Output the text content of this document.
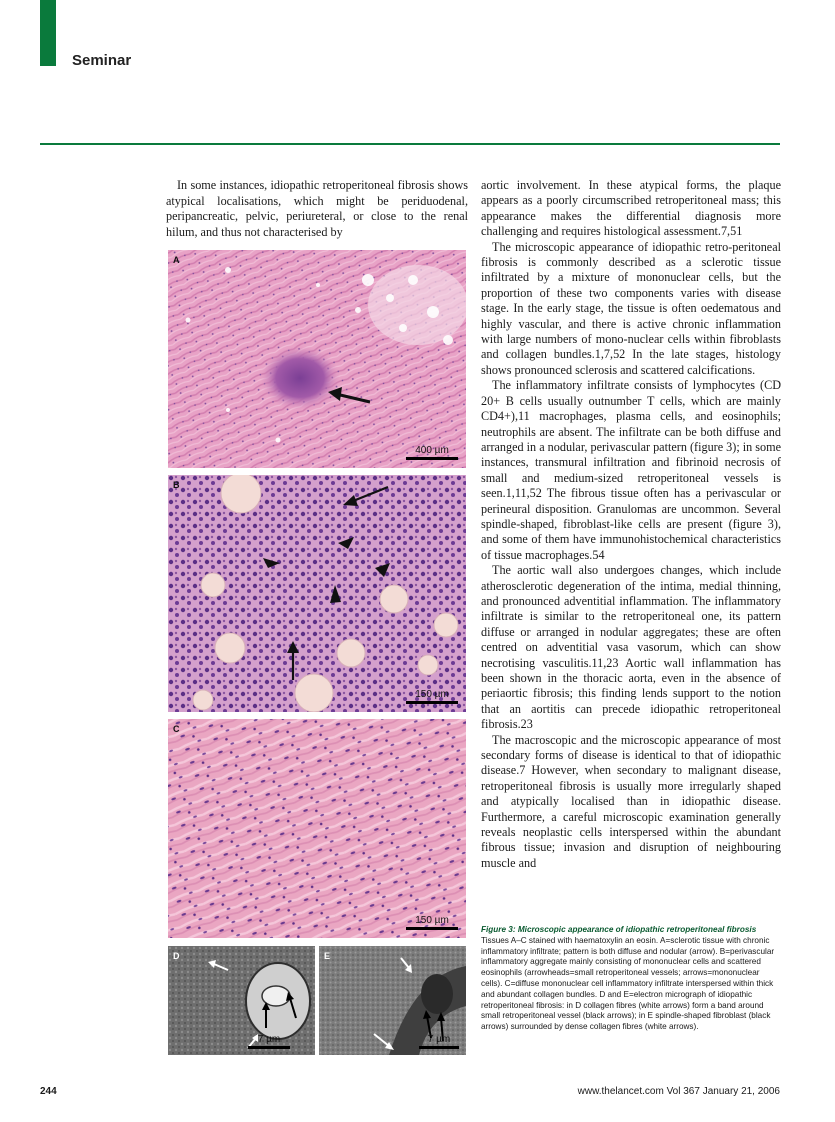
Seminar

In some instances, idiopathic retroperitoneal fibrosis shows atypical localisations, which might be periduodenal, peripancreatic, pelvic, periureteral, or close to the renal hilum, and thus not characterised by

A
400 µm
B
150 µm
C
150 µm
D
7 µm
E
7 µm

aortic involvement. In these atypical forms, the plaque appears as a poorly circumscribed retroperitoneal mass; this appearance makes the differential diagnosis more challenging and requires histological assessment.7,51

The microscopic appearance of idiopathic retro-peritoneal fibrosis is commonly described as a sclerotic tissue infiltrated by a mixture of mononuclear cells, but the proportion of these two components varies with disease stage. In the early stage, the tissue is often oedematous and highly vascular, and there is active chronic inflammation with large numbers of mono-nuclear cells within fibroblasts and collagen bundles.1,7,52 In the late stages, histology shows pronounced sclerosis and scattered calcifications.

The inflammatory infiltrate consists of lymphocytes (CD 20+ B cells usually outnumber T cells, which are mainly CD4+),11 macrophages, plasma cells, and eosinophils; neutrophils are absent. The infiltrate can be both diffuse and arranged in a nodular, perivascular pattern (figure 3); in some instances, transmural infiltration and fibrinoid necrosis of small and medium-sized retroperitoneal vessels is seen.1,11,52 The fibrous tissue often has a perivascular or perineural disposition. Granulomas are uncommon. Several spindle-shaped, fibroblast-like cells are present (figure 3), and some of them have immunohistochemical characteristics of tissue macrophages.54

The aortic wall also undergoes changes, which include atherosclerotic degeneration of the intima, medial thinning, and pronounced adventitial inflammation. The inflammatory infiltrate is similar to the retroperitoneal one, its pattern diffuse or arranged in nodular aggregates; these are often centred on adventitial vasa vasorum, which can show necrotising vasculitis.11,23 Aortic wall inflammation has been shown in the thoracic aorta, even in the absence of periaortic fibrosis; this finding lends support to the notion that an aortitis can precede idiopathic retroperitoneal fibrosis.23

The macroscopic and the microscopic appearance of most secondary forms of disease is identical to that of idiopathic disease.7 However, when secondary to malignant disease, retroperitoneal fibrosis is usually more irregularly shaped and atypically localised than in idiopathic disease. Furthermore, a careful microscopic examination generally reveals neoplastic cells interspersed within the abundant fibrous tissue; invasion and disruption of neighbouring muscle and

Figure 3: Microscopic appearance of idiopathic retroperitoneal fibrosis
Tissues A–C stained with haematoxylin an eosin. A=sclerotic tissue with chronic inflammatory infiltrate; pattern is both diffuse and nodular (arrow). B=perivascular inflammatory aggregate mainly consisting of mononuclear cells and scattered eosinophils (arrowheads=small retroperitoneal vessels; arrows=mononuclear cells). C=diffuse mononuclear cell inflammatory infiltrate interspersed within thick and abundant collagen bundles. D and E=electron micrograph of idiopathic retroperitoneal fibrosis: in D collagen fibres (white arrows) form a band around small retroperitoneal vessel (black arrows); in E spindle-shaped fibroblast (black arrows) surrounded by dense collagen fibres (white arrows).
244	www.thelancet.com Vol 367 January 21, 2006
